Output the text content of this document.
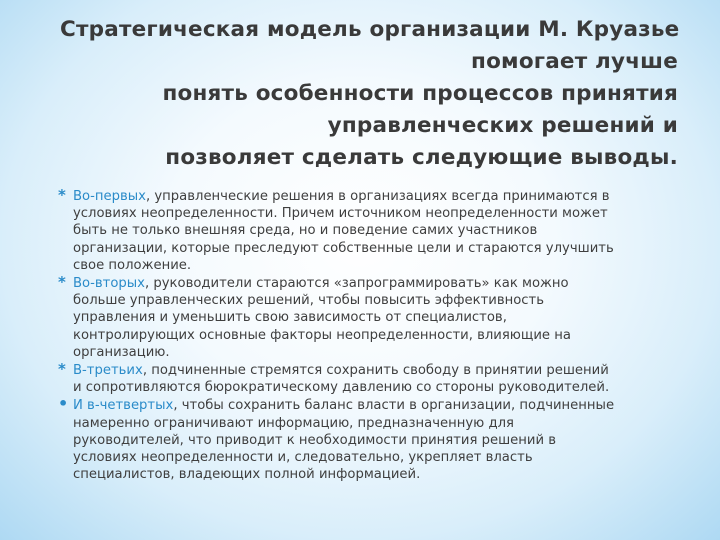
Стратегическая модель организации М. Круазье
помогает лучше
понять особенности процессов принятия
управленческих решений и
позволяет сделать следующие выводы.
* Во-первых, управленческие решения в организациях всегда принимаются в
условиях неопределенности. Причем источником неопределенности может
быть не только внешняя среда, но и поведение самих участников
организации, которые преследуют собственные цели и стараются улучшить
свое положение.
* Во-вторых, руководители стараются «запрограммировать» как можно
больше управленческих решений, чтобы повысить эффективность
управления и уменьшить свою зависимость от специалистов,
контролирующих основные факторы неопределенности, влияющие на
организацию.
* В-третьих, подчиненные стремятся сохранить свободу в принятии решений
и сопротивляются бюрократическому давлению со стороны руководителей.
• И в-четвертых, чтобы сохранить баланс власти в организации, подчиненные
намеренно ограничивают информацию, предназначенную для
руководителей, что приводит к необходимости принятия решений в
условиях неопределенности и, следовательно, укрепляет власть
специалистов, владеющих полной информацией.
